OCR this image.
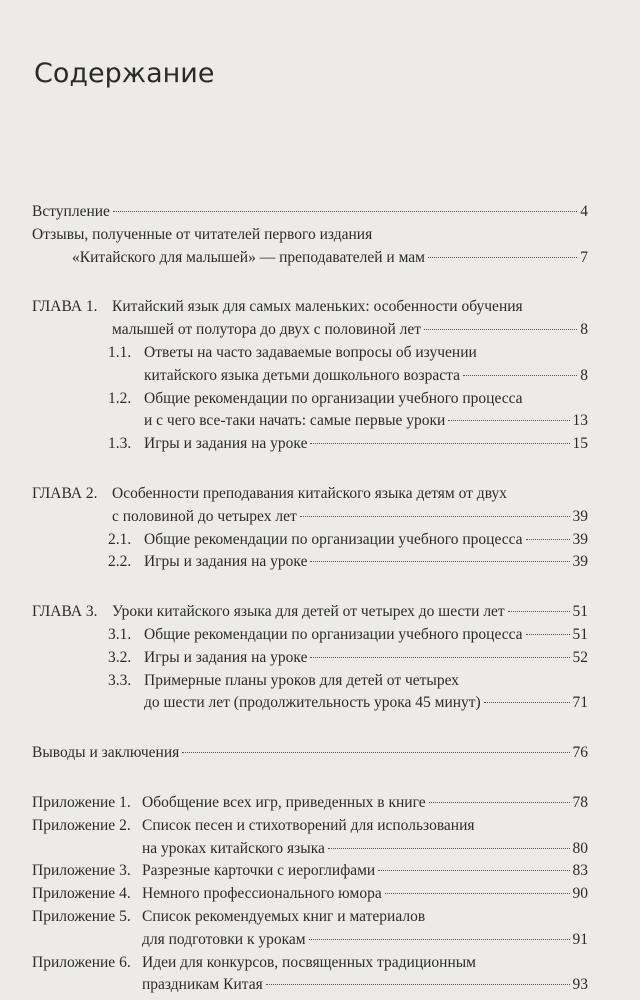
Содержание
Вступление	4
Отзывы, полученные от читателей первого издания
«Китайского для малышей» — преподавателей и мам	7
ГЛАВА 1. Китайский язык для самых маленьких: особенности обучения
малышей от полутора до двух с половиной лет	8
1.1. Ответы на часто задаваемые вопросы об изучении
китайского языка детьми дошкольного возраста	8
1.2. Общие рекомендации по организации учебного процесса
и с чего все-таки начать: самые первые уроки	13
1.3. Игры и задания на уроке	15
ГЛАВА 2. Особенности преподавания китайского языка детям от двух
с половиной до четырех лет	39
2.1. Общие рекомендации по организации учебного процесса	39
2.2. Игры и задания на уроке	39
ГЛАВА 3. Уроки китайского языка для детей от четырех до шести лет	51
3.1. Общие рекомендации по организации учебного процесса	51
3.2. Игры и задания на уроке	52
3.3. Примерные планы уроков для детей от четырех
до шести лет (продолжительность урока 45 минут)	71
Выводы и заключения	76
Приложение 1. Обобщение всех игр, приведенных в книге	78
Приложение 2. Список песен и стихотворений для использования
на уроках китайского языка	80
Приложение 3. Разрезные карточки с иероглифами	83
Приложение 4. Немного профессионального юмора	90
Приложение 5. Список рекомендуемых книг и материалов
для подготовки к урокам	91
Приложение 6. Идеи для конкурсов, посвященных традиционным
праздникам Китая	93
